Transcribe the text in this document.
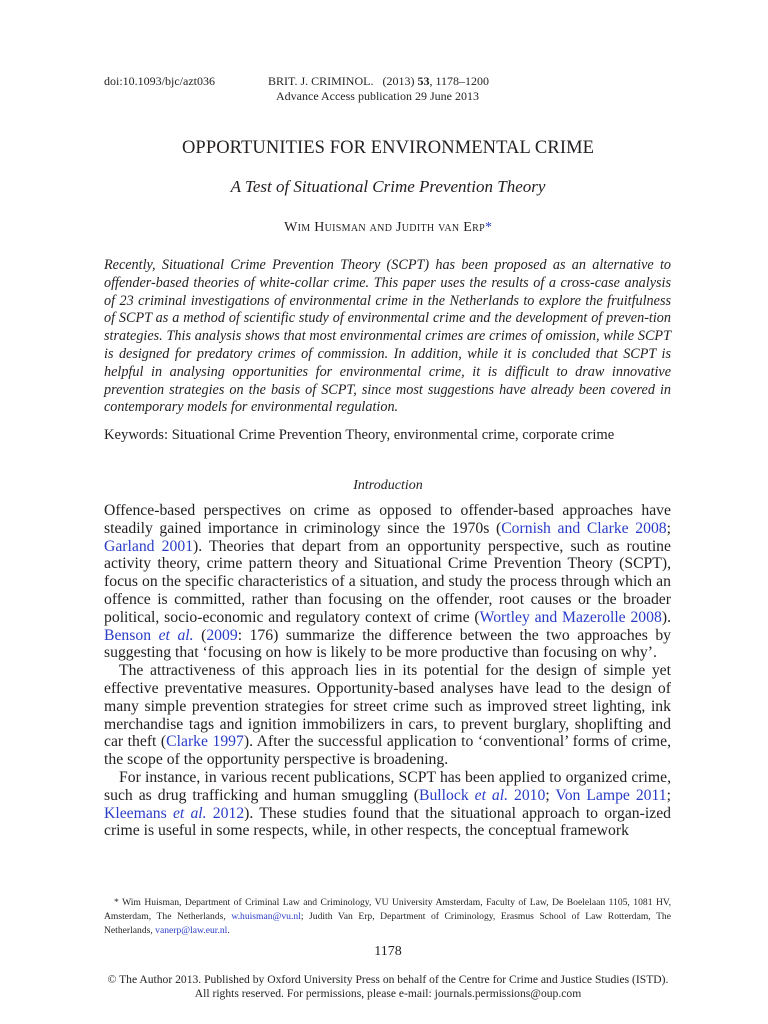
doi:10.1093/bjc/azt036	BRIT. J. CRIMINOL. (2013) 53, 1178–1200
Advance Access publication 29 June 2013
OPPORTUNITIES FOR ENVIRONMENTAL CRIME
A Test of Situational Crime Prevention Theory
Wim Huisman and Judith van Erp*
Recently, Situational Crime Prevention Theory (SCPT) has been proposed as an alternative to offender-based theories of white-collar crime. This paper uses the results of a cross-case analysis of 23 criminal investigations of environmental crime in the Netherlands to explore the fruitfulness of SCPT as a method of scientific study of environmental crime and the development of preven-tion strategies. This analysis shows that most environmental crimes are crimes of omission, while SCPT is designed for predatory crimes of commission. In addition, while it is concluded that SCPT is helpful in analysing opportunities for environmental crime, it is difficult to draw innovative prevention strategies on the basis of SCPT, since most suggestions have already been covered in contemporary models for environmental regulation.
Keywords: Situational Crime Prevention Theory, environmental crime, corporate crime
Introduction

Offence-based perspectives on crime as opposed to offender-based approaches have steadily gained importance in criminology since the 1970s (Cornish and Clarke 2008; Garland 2001). Theories that depart from an opportunity perspective, such as routine activity theory, crime pattern theory and Situational Crime Prevention Theory (SCPT), focus on the specific characteristics of a situation, and study the process through which an offence is committed, rather than focusing on the offender, root causes or the broader political, socio-economic and regulatory context of crime (Wortley and Mazerolle 2008). Benson et al. (2009: 176) summarize the difference between the two approaches by suggesting that ‘focusing on how is likely to be more productive than focusing on why’.

The attractiveness of this approach lies in its potential for the design of simple yet effective preventative measures. Opportunity-based analyses have lead to the design of many simple prevention strategies for street crime such as improved street lighting, ink merchandise tags and ignition immobilizers in cars, to prevent burglary, shoplifting and car theft (Clarke 1997). After the successful application to ‘conventional’ forms of crime, the scope of the opportunity perspective is broadening.

For instance, in various recent publications, SCPT has been applied to organized crime, such as drug trafficking and human smuggling (Bullock et al. 2010; Von Lampe 2011; Kleemans et al. 2012). These studies found that the situational approach to organ-ized crime is useful in some respects, while, in other respects, the conceptual framework

* Wim Huisman, Department of Criminal Law and Criminology, VU University Amsterdam, Faculty of Law, De Boelelaan 1105, 1081 HV, Amsterdam, The Netherlands, w.huisman@vu.nl; Judith Van Erp, Department of Criminology, Erasmus School of Law Rotterdam, The Netherlands, vanerp@law.eur.nl.

1178
© The Author 2013. Published by Oxford University Press on behalf of the Centre for Crime and Justice Studies (ISTD).
All rights reserved. For permissions, please e-mail: journals.permissions@oup.com
